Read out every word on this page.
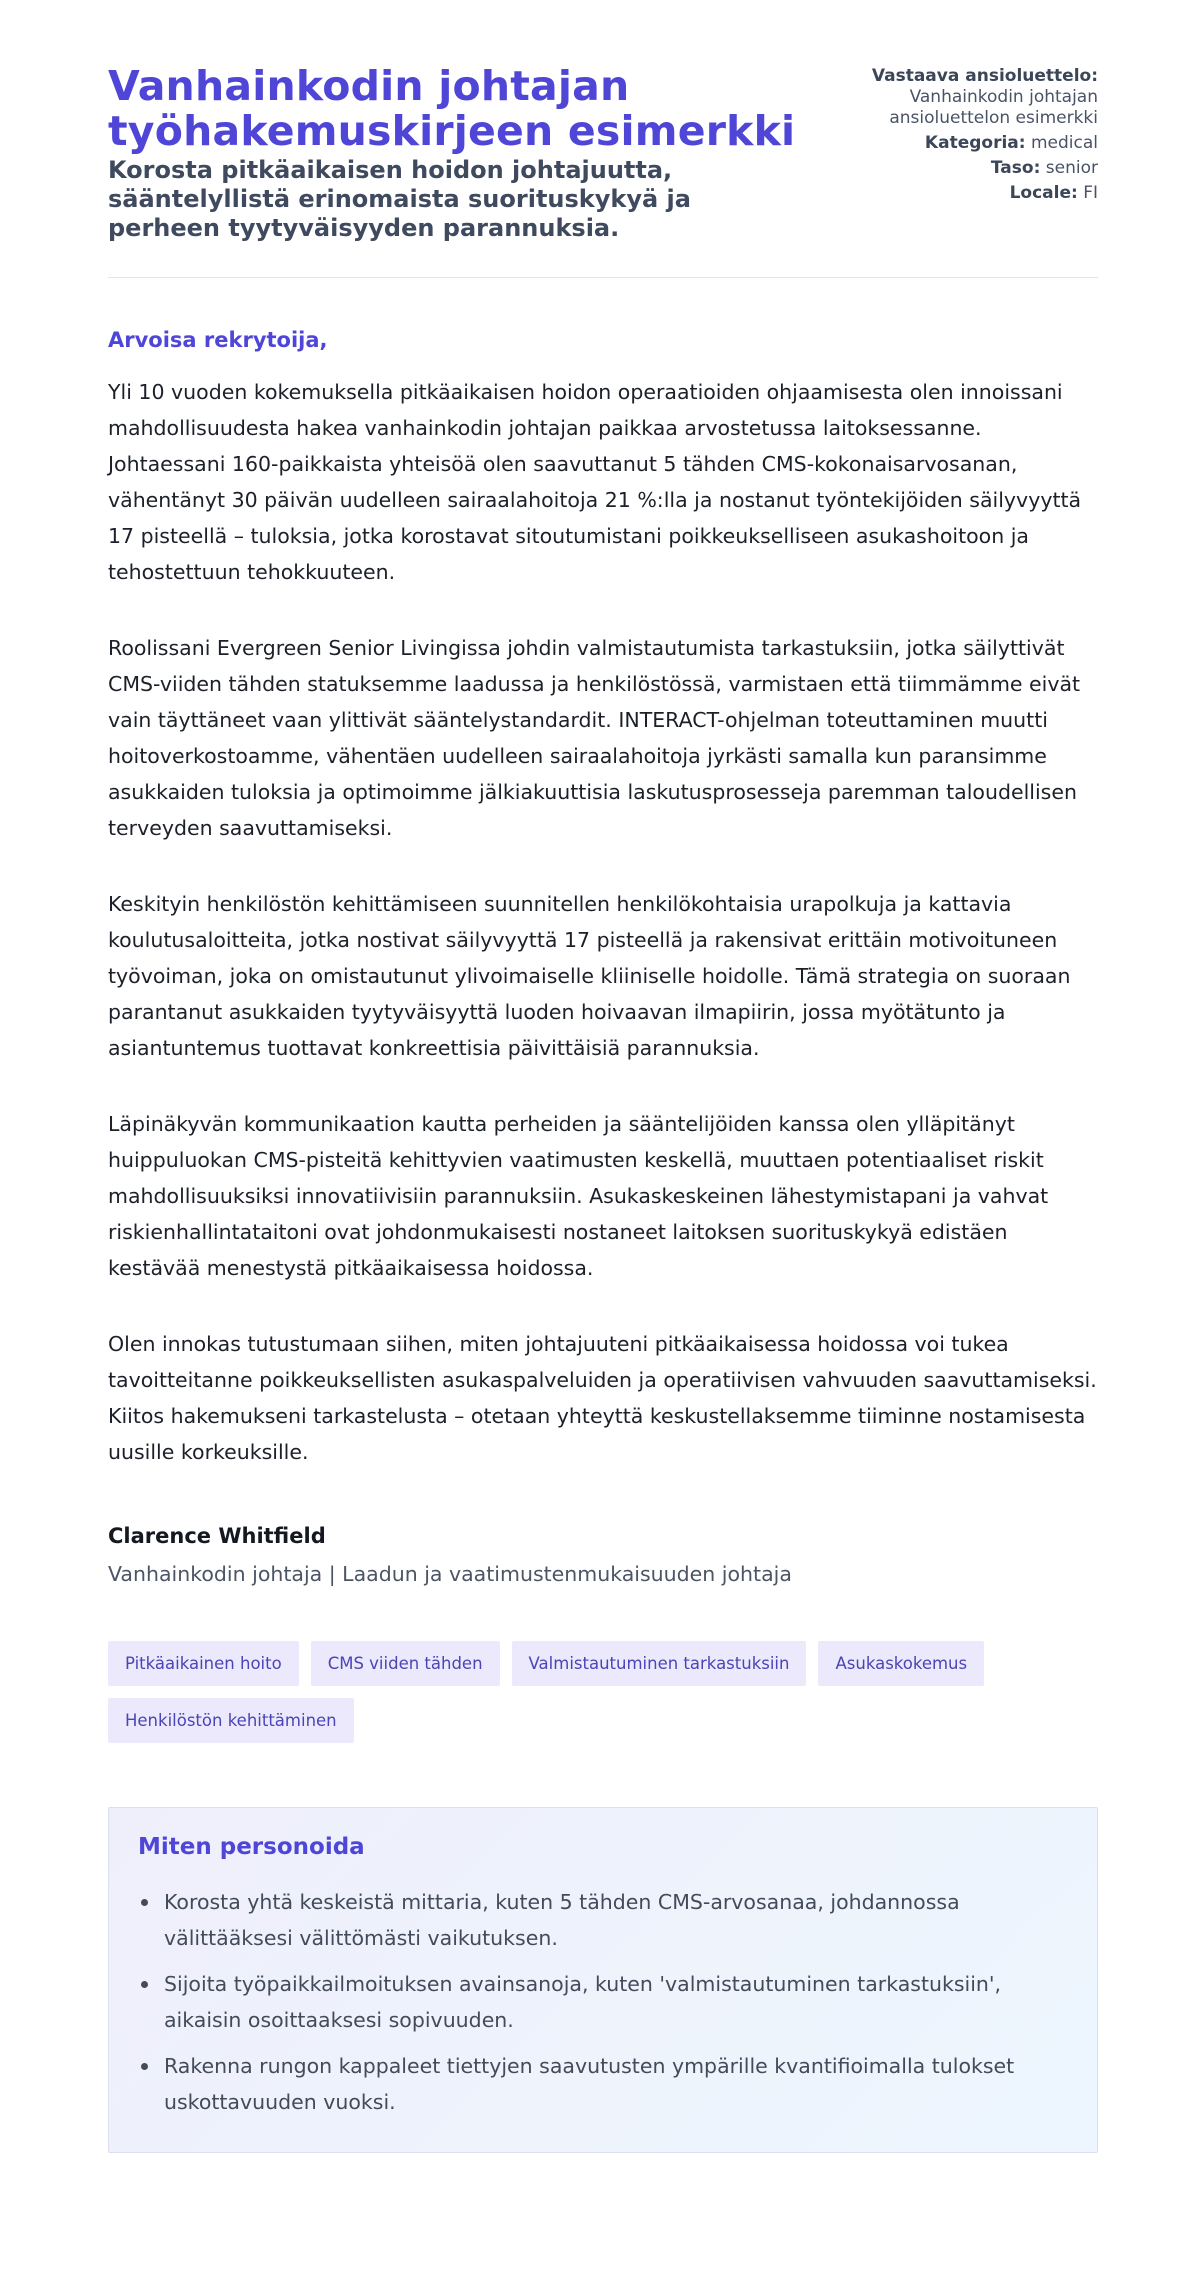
Vanhainkodin johtajan työhakemuskirjeen esimerkki
Korosta pitkäaikaisen hoidon johtajuutta, sääntelyllistä erinomaista suorituskykyä ja perheen tyytyväisyyden parannuksia.
Vastaava ansioluettelo:
Vanhainkodin johtajan ansioluettelon esimerkki
Kategoria: medical
Taso: senior
Locale: FI
Arvoisa rekrytoija,

Yli 10 vuoden kokemuksella pitkäaikaisen hoidon operaatioiden ohjaamisesta olen innoissani mahdollisuudesta hakea vanhainkodin johtajan paikkaa arvostetussa laitoksessanne. Johtaessani 160-paikkaista yhteisöä olen saavuttanut 5 tähden CMS-kokonaisarvosanan, vähentänyt 30 päivän uudelleen sairaalahoitoja 21 %:lla ja nostanut työntekijöiden säilyvyyttä 17 pisteellä – tuloksia, jotka korostavat sitoutumistani poikkeukselliseen asukashoitoon ja tehostettuun tehokkuuteen.

Roolissani Evergreen Senior Livingissa johdin valmistautumista tarkastuksiin, jotka säilyttivät CMS-viiden tähden statuksemme laadussa ja henkilöstössä, varmistaen että tiimmämme eivät vain täyttäneet vaan ylittivät sääntelystandardit. INTERACT-ohjelman toteuttaminen muutti hoitoverkostoamme, vähentäen uudelleen sairaalahoitoja jyrkästi samalla kun paransimme asukkaiden tuloksia ja optimoimme jälkiakuuttisia laskutusprosesseja paremman taloudellisen terveyden saavuttamiseksi.

Keskityin henkilöstön kehittämiseen suunnitellen henkilökohtaisia urapolkuja ja kattavia koulutusaloitteita, jotka nostivat säilyvyyttä 17 pisteellä ja rakensivat erittäin motivoituneen työvoiman, joka on omistautunut ylivoimaiselle kliiniselle hoidolle. Tämä strategia on suoraan parantanut asukkaiden tyytyväisyyttä luoden hoivaavan ilmapiirin, jossa myötätunto ja asiantuntemus tuottavat konkreettisia päivittäisiä parannuksia.

Läpinäkyvän kommunikaation kautta perheiden ja sääntelijöiden kanssa olen ylläpitänyt huippuluokan CMS-pisteitä kehittyvien vaatimusten keskellä, muuttaen potentiaaliset riskit mahdollisuuksiksi innovatiivisiin parannuksiin. Asukaskeskeinen lähestymistapani ja vahvat riskienhallintataitoni ovat johdonmukaisesti nostaneet laitoksen suorituskykyä edistäen kestävää menestystä pitkäaikaisessa hoidossa.

Olen innokas tutustumaan siihen, miten johtajuuteni pitkäaikaisessa hoidossa voi tukea tavoitteitanne poikkeuksellisten asukaspalveluiden ja operatiivisen vahvuuden saavuttamiseksi. Kiitos hakemukseni tarkastelusta – otetaan yhteyttä keskustellaksemme tiiminne nostamisesta uusille korkeuksille.

Clarence Whitfield
Vanhainkodin johtaja | Laadun ja vaatimustenmukaisuuden johtaja
Pitkäaikainen hoito	CMS viiden tähden	Valmistautuminen tarkastuksiin	Asukaskokemus
Henkilöstön kehittäminen
Miten personoida
Korosta yhtä keskeistä mittaria, kuten 5 tähden CMS-arvosanaa, johdannossa välittääksesi välittömästi vaikutuksen.
Sijoita työpaikkailmoituksen avainsanoja, kuten 'valmistautuminen tarkastuksiin', aikaisin osoittaaksesi sopivuuden.
Rakenna rungon kappaleet tiettyjen saavutusten ympärille kvantifioimalla tulokset uskottavuuden vuoksi.
